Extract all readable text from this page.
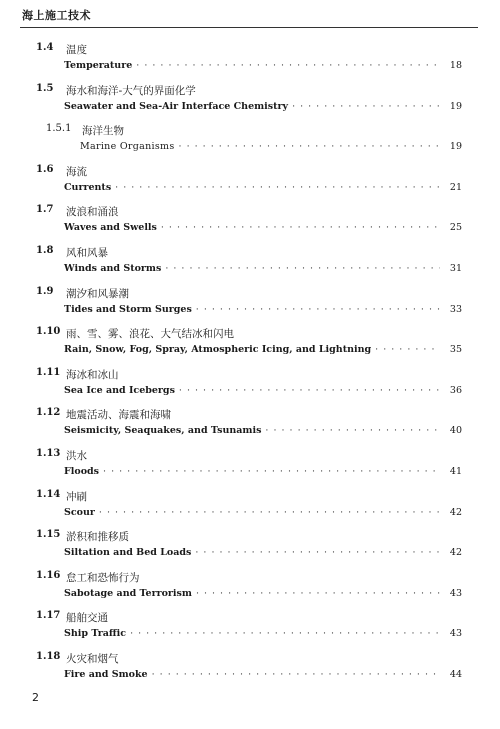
海上施工技术
1.4 温度
Temperature · · ·	18
1.5 海水和海洋-大气的界面化学
Seawater and Sea-Air Interface Chemistry · · ·	19
1.5.1 海洋生物
Marine Organisms · · ·	19
1.6 海流
Currents · · ·	21
1.7 波浪和涌浪
Waves and Swells · · ·	25
1.8 风和风暴
Winds and Storms · · ·	31
1.9 潮汐和风暴潮
Tides and Storm Surges · · ·	33
1.10 雨、雪、雾、浪花、大气结冰和闪电
Rain, Snow, Fog, Spray, Atmospheric Icing, and Lightning · · ·	35
1.11 海冰和冰山
Sea Ice and Icebergs · · ·	36
1.12 地震活动、海震和海啸
Seismicity, Seaquakes, and Tsunamis · · ·	40
1.13 洪水
Floods · · ·	41
1.14 冲刷
Scour · · ·	42
1.15 淤积和推移质
Siltation and Bed Loads · · ·	42
1.16 怠工和恐怖行为
Sabotage and Terrorism · · ·	43
1.17 船舶交通
Ship Traffic · · ·	43
1.18 火灾和烟气
Fire and Smoke · · ·	44
2
